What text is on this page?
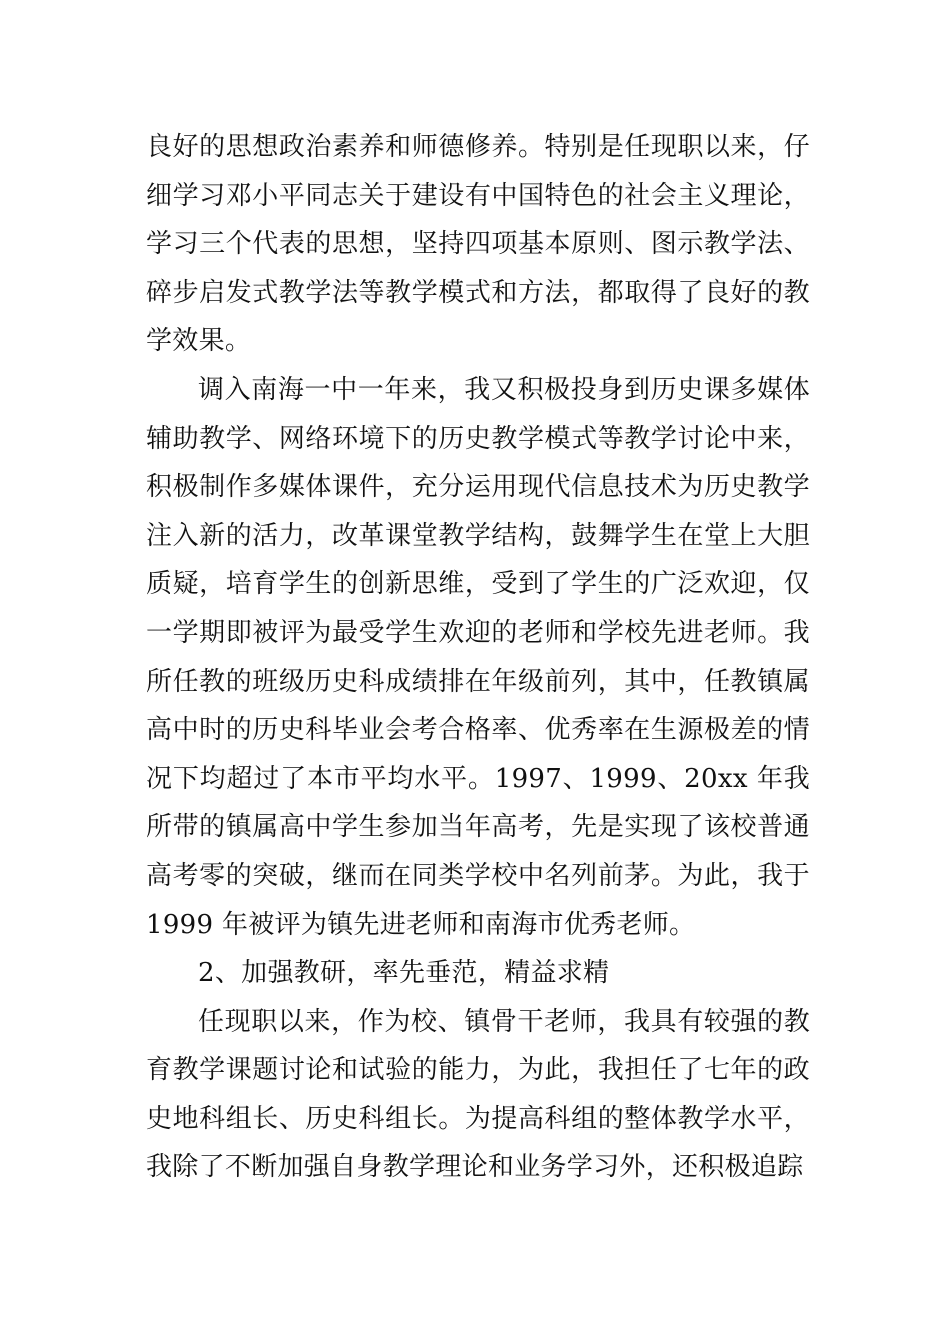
良好的思想政治素养和师德修养。特别是任现职以来，仔细学习邓小平同志关于建设有中国特色的社会主义理论，学习三个代表的思想，坚持四项基本原则、图示教学法、碎步启发式教学法等教学模式和方法，都取得了良好的教学效果。

调入南海一中一年来，我又积极投身到历史课多媒体辅助教学、网络环境下的历史教学模式等教学讨论中来，积极制作多媒体课件，充分运用现代信息技术为历史教学注入新的活力，改革课堂教学结构，鼓舞学生在堂上大胆质疑，培育学生的创新思维，受到了学生的广泛欢迎，仅一学期即被评为最受学生欢迎的老师和学校先进老师。我所任教的班级历史科成绩排在年级前列，其中，任教镇属高中时的历史科毕业会考合格率、优秀率在生源极差的情况下均超过了本市平均水平。1997、1999、20xx 年我所带的镇属高中学生参加当年高考，先是实现了该校普通高考零的突破，继而在同类学校中名列前茅。为此，我于 1999 年被评为镇先进老师和南海市优秀老师。

2、加强教研，率先垂范，精益求精

任现职以来，作为校、镇骨干老师，我具有较强的教育教学课题讨论和试验的能力，为此，我担任了七年的政史地科组长、历史科组长。为提高科组的整体教学水平，我除了不断加强自身教学理论和业务学习外，还积极追踪
